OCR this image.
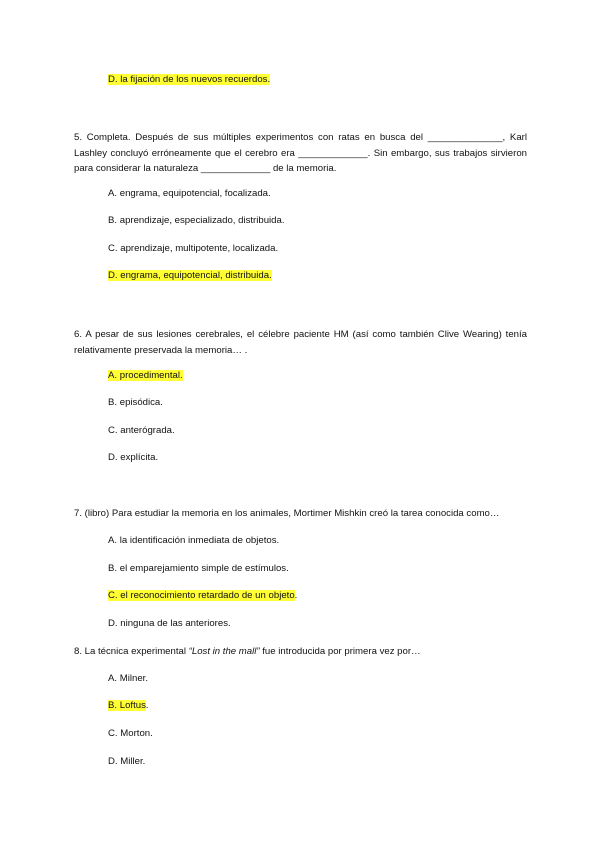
D. la fijación de los nuevos recuerdos.
5. Completa. Después de sus múltiples experimentos con ratas en busca del ______________, Karl Lashley concluyó erróneamente que el cerebro era _____________. Sin embargo, sus trabajos sirvieron para considerar la naturaleza _____________ de la memoria.
A. engrama, equipotencial, focalizada.
B. aprendizaje, especializado, distribuida.
C. aprendizaje, multipotente, localizada.
D. engrama, equipotencial, distribuida.
6. A pesar de sus lesiones cerebrales, el célebre paciente HM (así como también Clive Wearing) tenía relativamente preservada la memoria… .
A. procedimental.
B. episódica.
C. anterógrada.
D. explícita.
7. (libro) Para estudiar la memoria en los animales, Mortimer Mishkin creó la tarea conocida como…
A. la identificación inmediata de objetos.
B. el emparejamiento simple de estímulos.
C. el reconocimiento retardado de un objeto.
D. ninguna de las anteriores.
8. La técnica experimental “Lost in the mall” fue introducida por primera vez por…
A. Milner.
B. Loftus.
C. Morton.
D. Miller.
